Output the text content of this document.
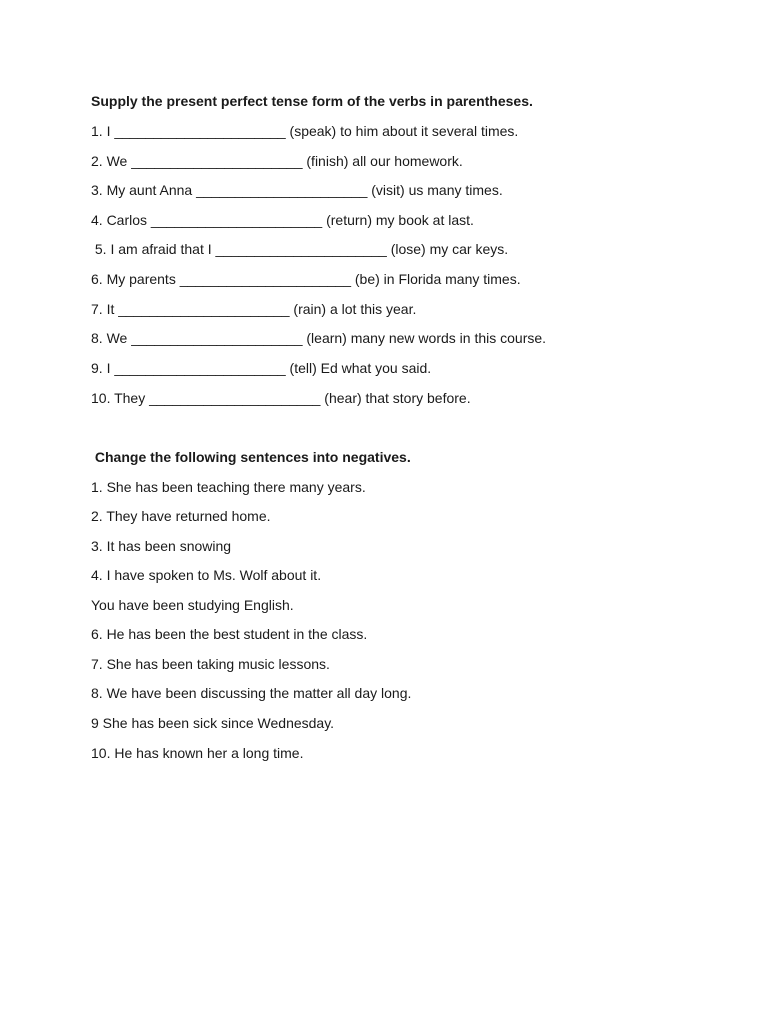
Supply the present perfect tense form of the verbs in parentheses.
1. I ______________________ (speak) to him about it several times.
2. We ______________________ (finish) all our homework.
3. My aunt Anna ______________________ (visit) us many times.
4. Carlos ______________________ (return) my book at last.
5. I am afraid that I ______________________ (lose) my car keys.
6. My parents ______________________ (be) in Florida many times.
7. It ______________________ (rain) a lot this year.
8. We ______________________ (learn) many new words in this course.
9. I ______________________ (tell) Ed what you said.
10. They ______________________ (hear) that story before.
Change the following sentences into negatives.
1. She has been teaching there many years.
2. They have returned home.
3. It has been snowing
4. I have spoken to Ms. Wolf about it.
You have been studying English.
6. He has been the best student in the class.
7. She has been taking music lessons.
8. We have been discussing the matter all day long.
9 She has been sick since Wednesday.
10. He has known her a long time.
